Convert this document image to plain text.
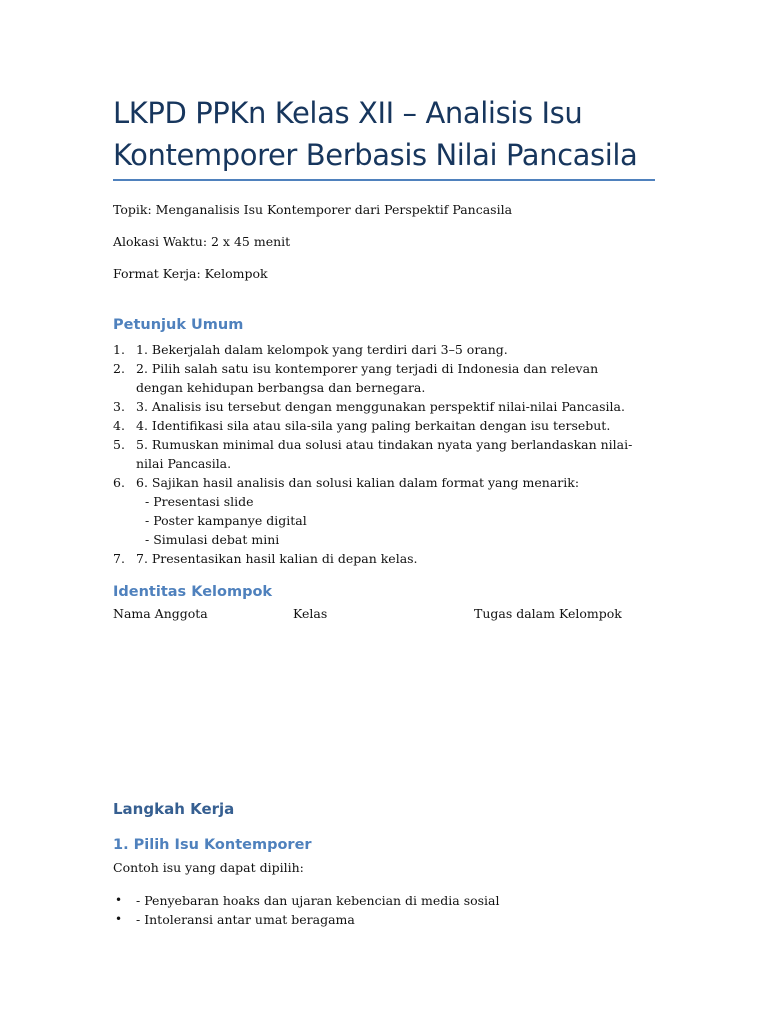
LKPD PPKn Kelas XII – Analisis Isu
Kontemporer Berbasis Nilai Pancasila
Topik: Menganalisis Isu Kontemporer dari Perspektif Pancasila
Alokasi Waktu: 2 x 45 menit
Format Kerja: Kelompok
Petunjuk Umum
1. 1. Bekerjalah dalam kelompok yang terdiri dari 3–5 orang.
2. 2. Pilih salah satu isu kontemporer yang terjadi di Indonesia dan relevan dengan kehidupan berbangsa dan bernegara.
3. 3. Analisis isu tersebut dengan menggunakan perspektif nilai-nilai Pancasila.
4. 4. Identifikasi sila atau sila-sila yang paling berkaitan dengan isu tersebut.
5. 5. Rumuskan minimal dua solusi atau tindakan nyata yang berlandaskan nilai-nilai Pancasila.
6. 6. Sajikan hasil analisis dan solusi kalian dalam format yang menarik:
- Presentasi slide
- Poster kampanye digital
- Simulasi debat mini
7. 7. Presentasikan hasil kalian di depan kelas.
Identitas Kelompok
Nama Anggota	Kelas	Tugas dalam Kelompok
Langkah Kerja
1. Pilih Isu Kontemporer
Contoh isu yang dapat dipilih:
• - Penyebaran hoaks dan ujaran kebencian di media sosial
• - Intoleransi antar umat beragama
